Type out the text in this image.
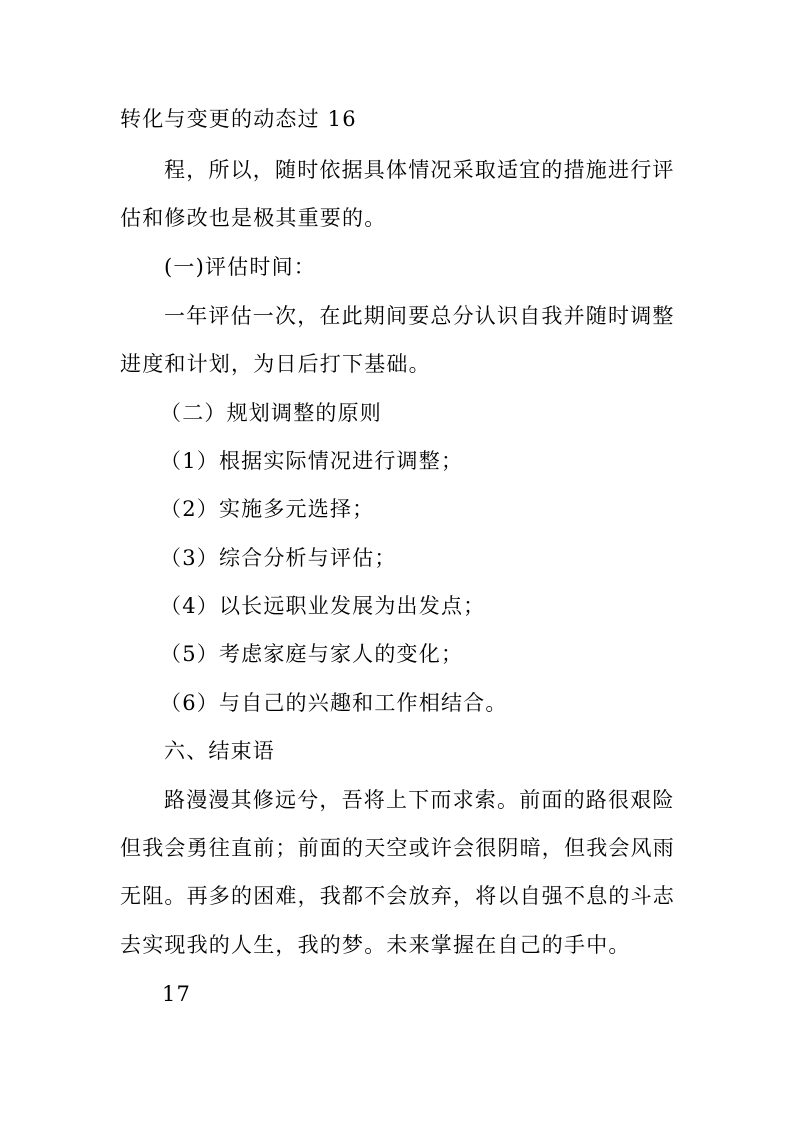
转化与变更的动态过 16
程，所以，随时依据具体情况采取适宜的措施进行评
估和修改也是极其重要的。
(一)评估时间：
一年评估一次，在此期间要总分认识自我并随时调整
进度和计划，为日后打下基础。
（二）规划调整的原则
（1）根据实际情况进行调整；
（2）实施多元选择；
（3）综合分析与评估；
（4）以长远职业发展为出发点；
（5）考虑家庭与家人的变化；
（6）与自己的兴趣和工作相结合。
六、结束语
路漫漫其修远兮，吾将上下而求索。前面的路很艰险
但我会勇往直前；前面的天空或许会很阴暗，但我会风雨
无阻。再多的困难，我都不会放弃，将以自强不息的斗志
去实现我的人生，我的梦。未来掌握在自己的手中。
17
